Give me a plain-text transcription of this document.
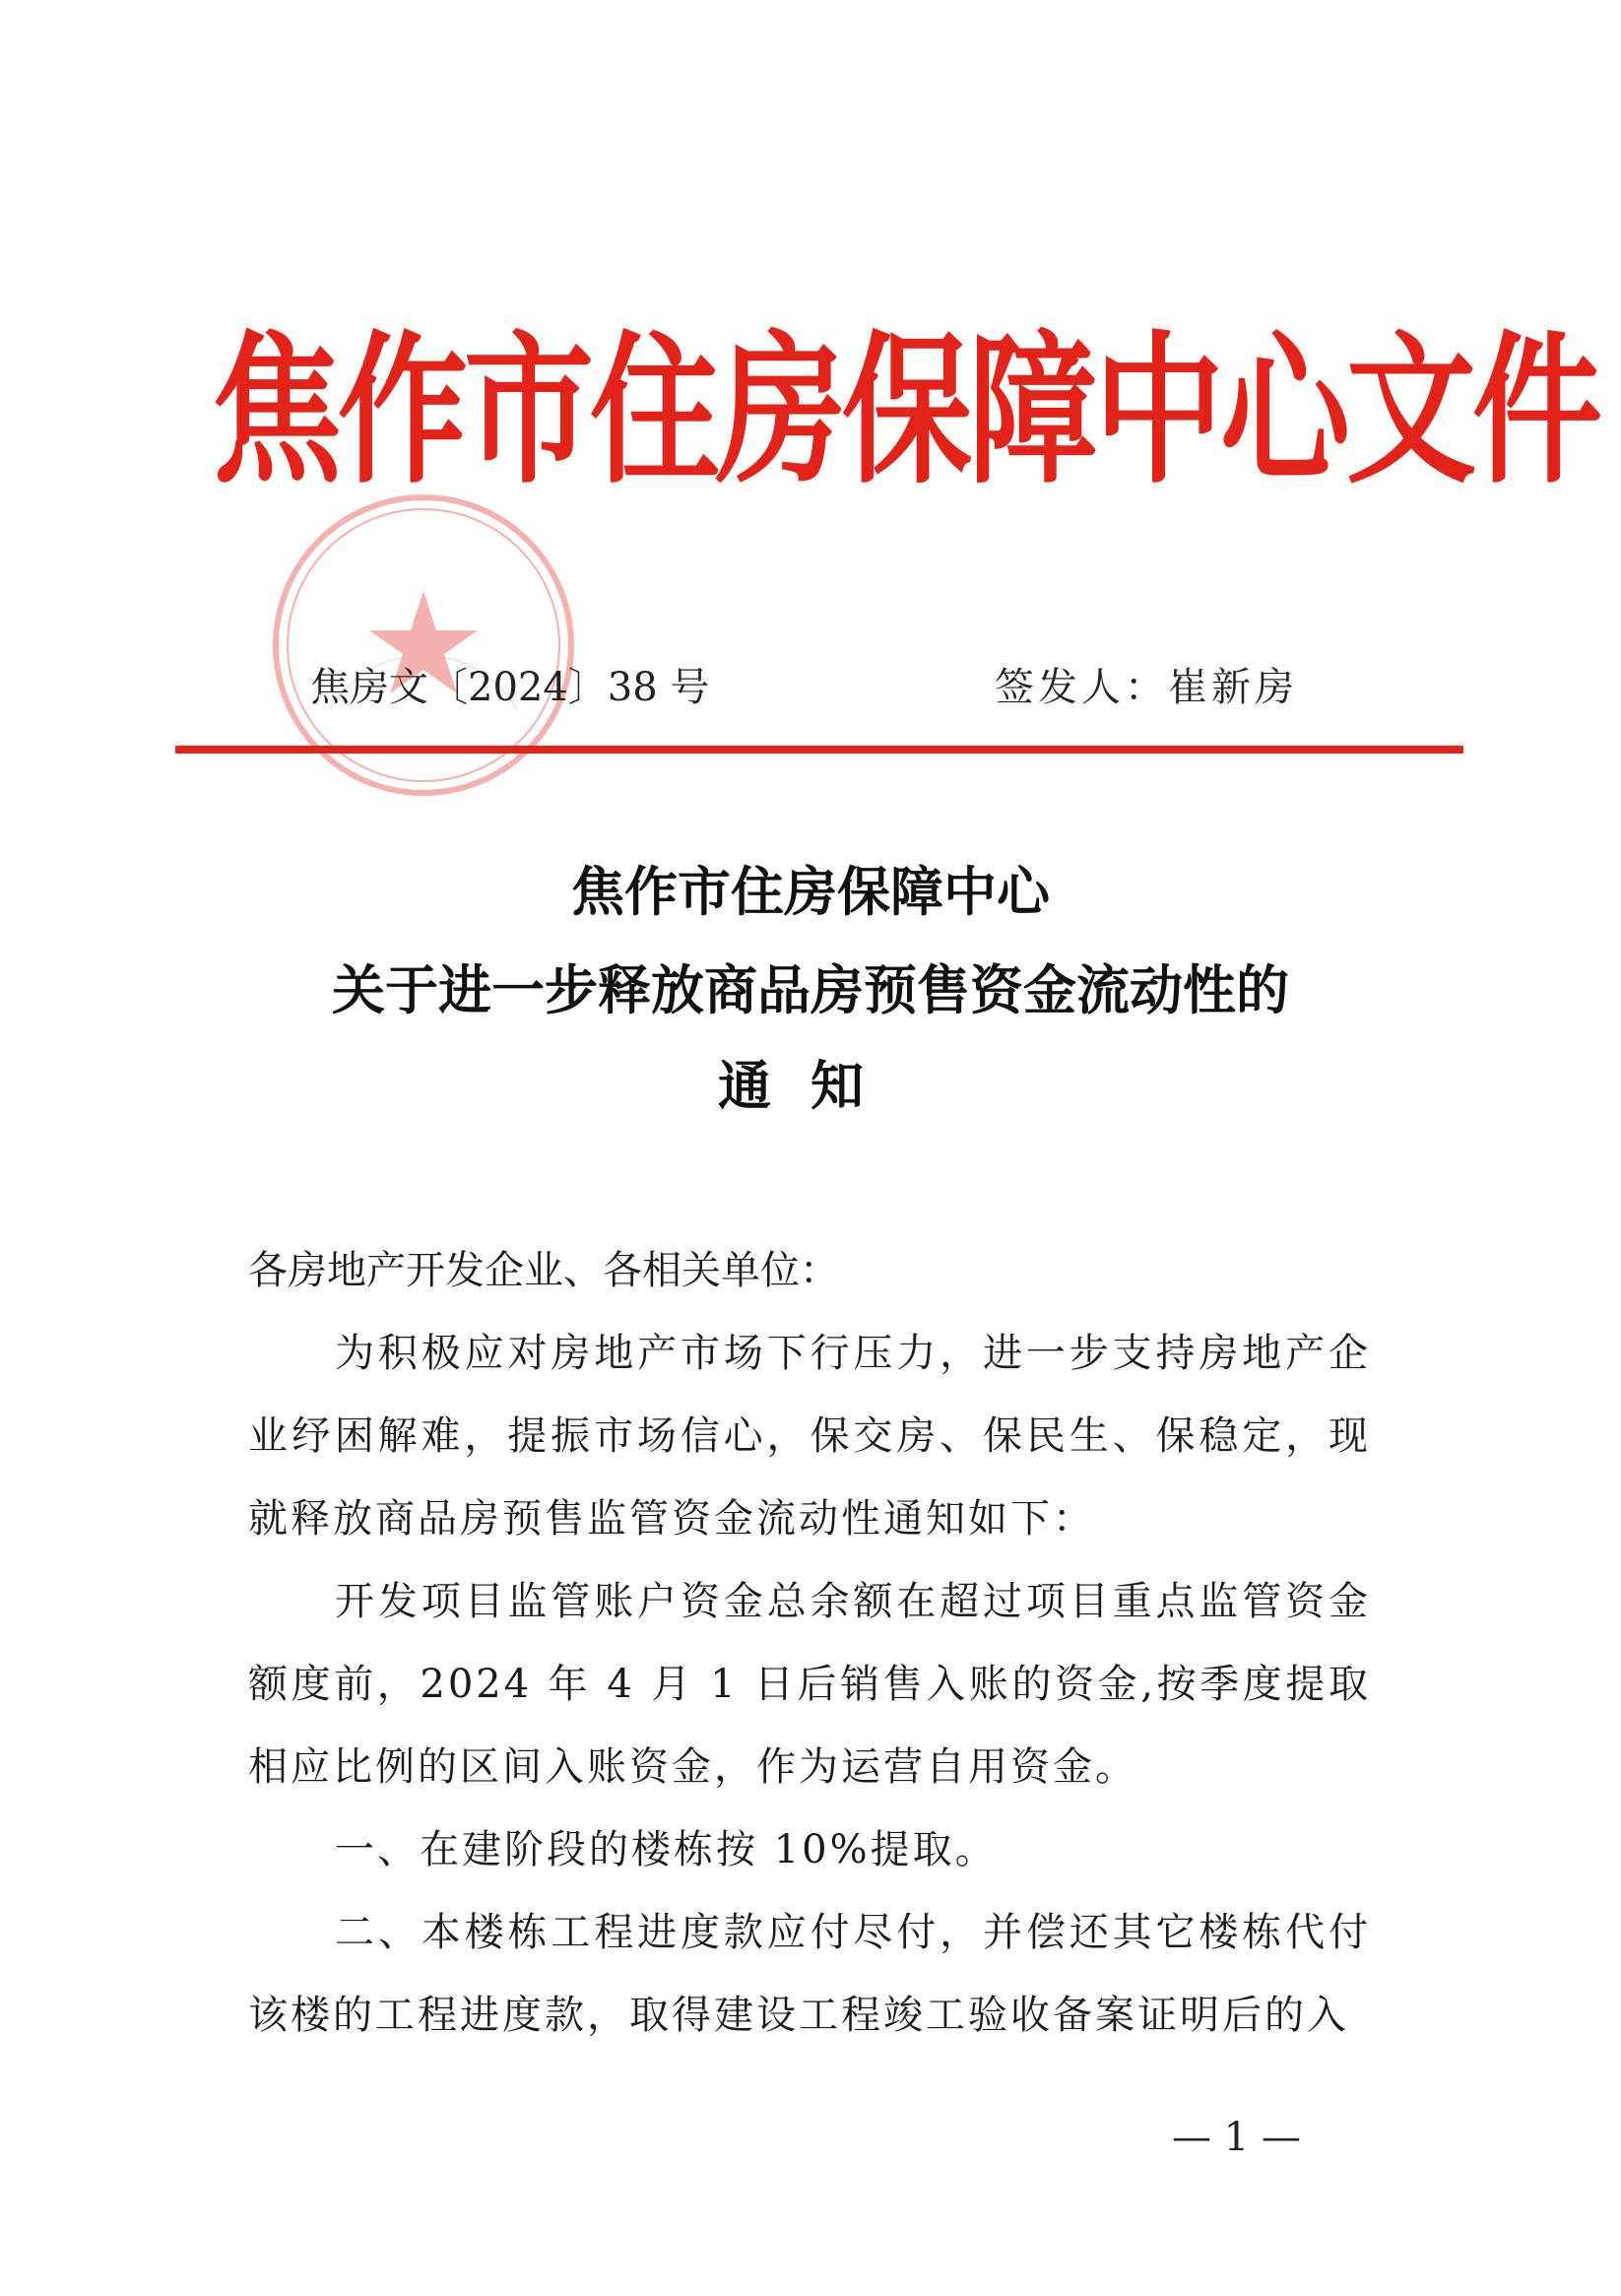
焦作市住房保障中心文件
焦房文〔2024〕38 号	签发人：崔新房
焦作市住房保障中心
关于进一步释放商品房预售资金流动性的
通知
各房地产开发企业、各相关单位：
为积极应对房地产市场下行压力，进一步支持房地产企业纾困解难，提振市场信心，保交房、保民生、保稳定，现就释放商品房预售监管资金流动性通知如下：
开发项目监管账户资金总余额在超过项目重点监管资金额度前，2024 年 4 月 1 日后销售入账的资金,按季度提取相应比例的区间入账资金，作为运营自用资金。
一、在建阶段的楼栋按 10%提取。
二、本楼栋工程进度款应付尽付，并偿还其它楼栋代付该楼的工程进度款，取得建设工程竣工验收备案证明后的入
— 1 —
